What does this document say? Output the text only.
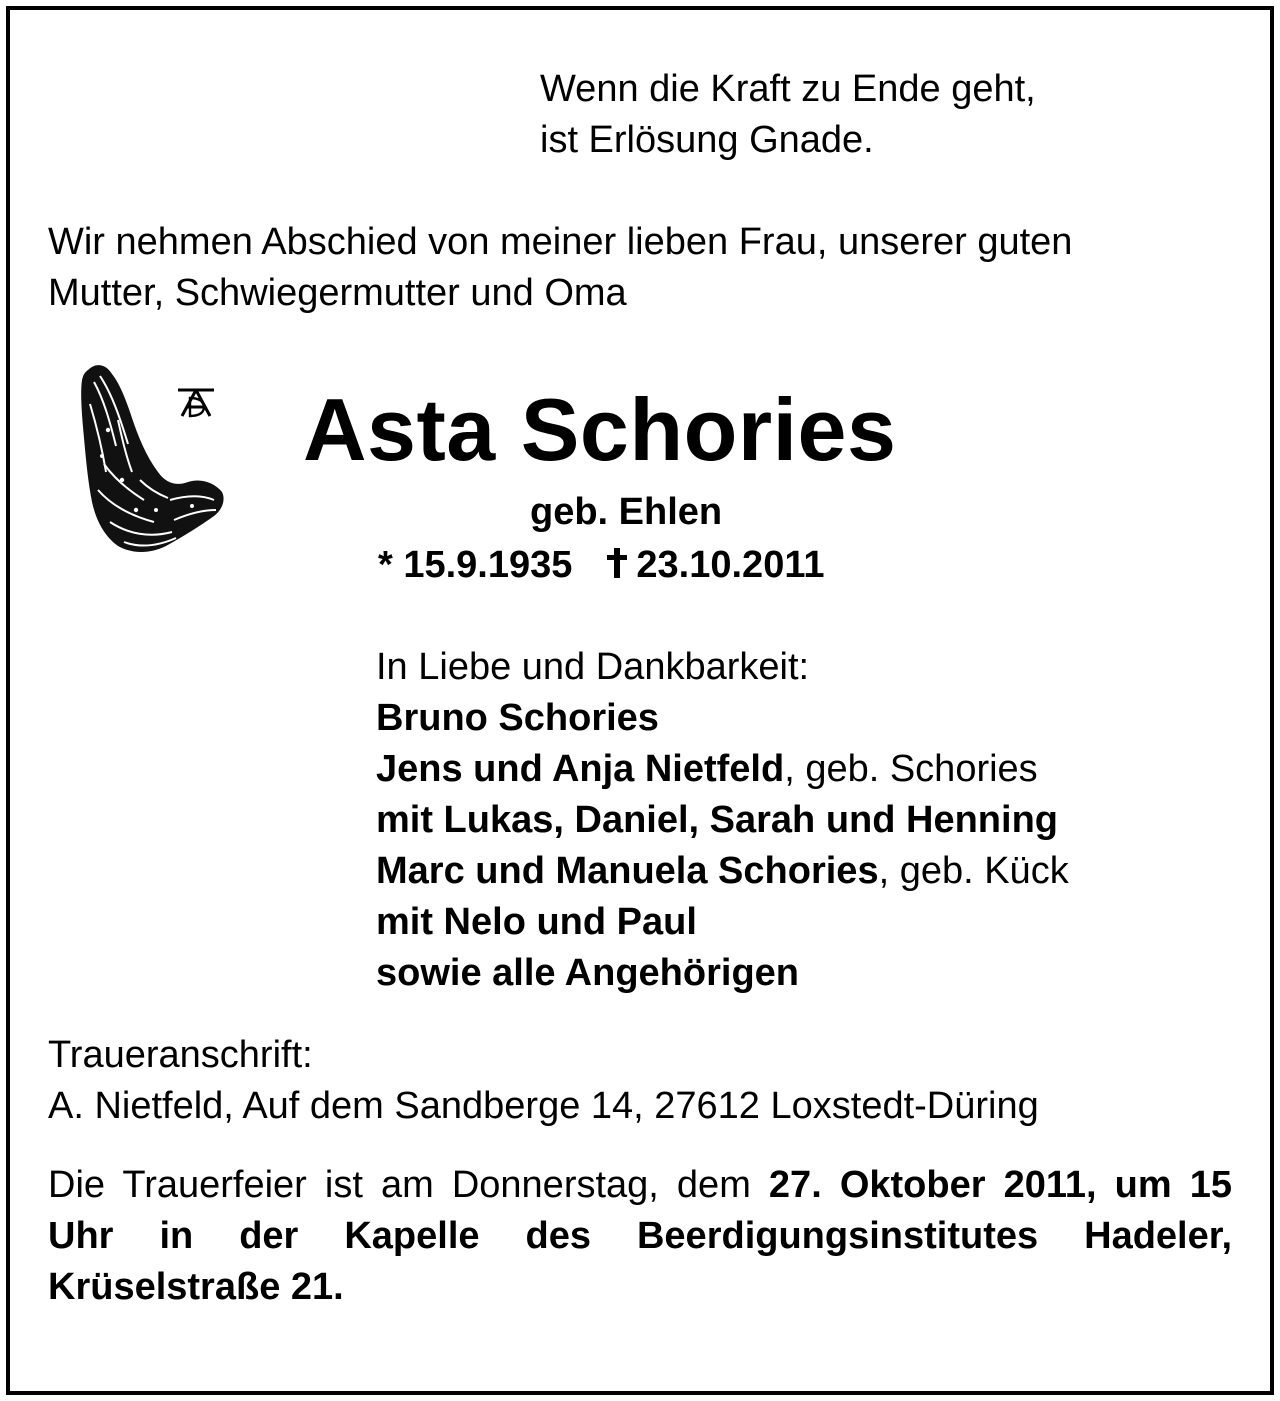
Wenn die Kraft zu Ende geht,
ist Erlösung Gnade.
Wir nehmen Abschied von meiner lieben Frau, unserer guten
Mutter, Schwiegermutter und Oma
Asta Schories
geb. Ehlen
* 15.9.1935 23.10.2011
In Liebe und Dankbarkeit:
Bruno Schories
Jens und Anja Nietfeld, geb. Schories
mit Lukas, Daniel, Sarah und Henning
Marc und Manuela Schories, geb. Kück
mit Nelo und Paul
sowie alle Angehörigen
Traueranschrift:
A. Nietfeld, Auf dem Sandberge 14, 27612 Loxstedt-Düring
Die Trauerfeier ist am Donnerstag, dem 27. Oktober 2011, um 15 Uhr in der Kapelle des Beerdigungsinstitutes Hadeler, Krüselstraße 21.
